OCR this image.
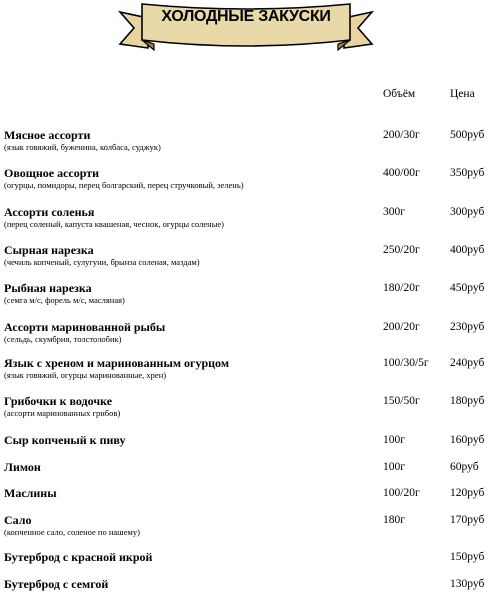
ХОЛОДНЫЕ ЗАКУСКИ
Объём	Цена
Мясное ассорти
(язык говяжий, буженина, колбаса, суджук)
200/30г	500руб
Овощное ассорти
(огурцы, помидоры, перец болгарский, перец стручковый, зелень)
400/00г	350руб
Ассорти соленья
(перец соленый, капуста квашеная, чеснок, огурцы соленые)
300г	300руб
Сырная нарезка
(чечиль копченый, сулугуни, брынза соленая, маздам)
250/20г	400руб
Рыбная нарезка
(семга м/с, форель м/с, масляная)
180/20г	450руб
Ассорти маринованной рыбы
(сельдь, скумбрия, толстолобик)
200/20г	230руб
Язык с хреном и маринованным огурцом
(язык говяжий, огурцы маринованные, хрен)
100/30/5г 240руб
Грибочки к водочке
(ассорти маринованных грибов)
150/50г	180руб
Сыр копченый к пиву	100г	160руб
Лимон	100г	60руб
Маслины	100/20г	120руб
Сало
(копченное сало, соленое по нашему)
180г	170руб
Бутерброд с красной икрой	150руб
Бутерброд с семгой	130руб
